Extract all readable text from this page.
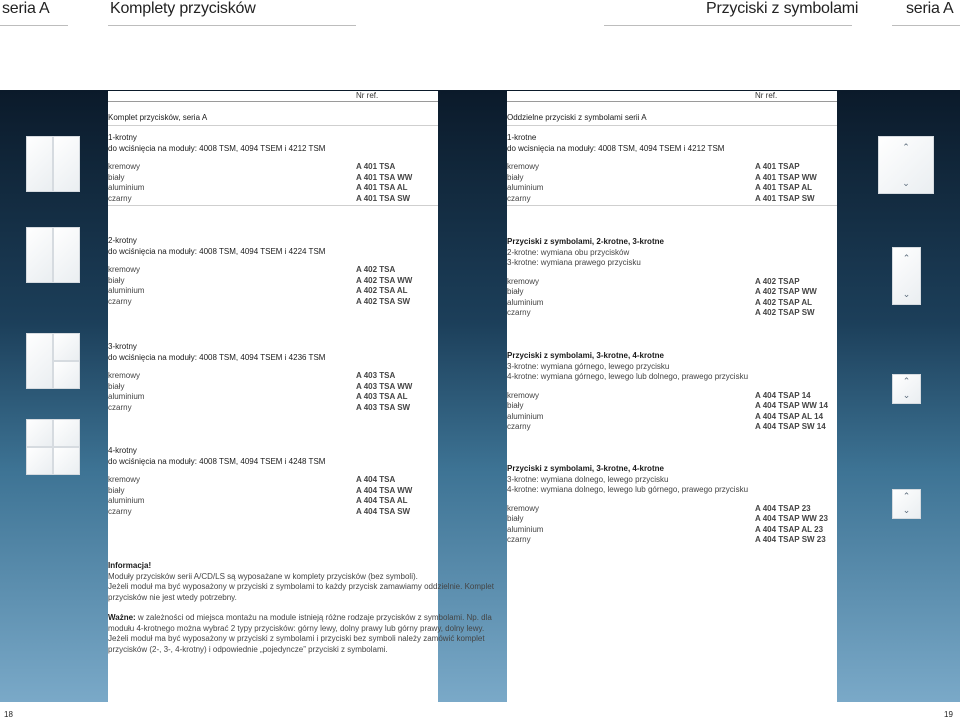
seria A	Komplety przycisków	Przyciski z symbolami	seria A
Nr ref.
Komplet przycisków, seria A
1-krotny
do wciśnięcia na moduły: 4008 TSM, 4094 TSEM i 4212 TSM
kremowy	A 401 TSA
biały	A 401 TSA WW
aluminium	A 401 TSA AL
czarny	A 401 TSA SW
2-krotny
do wciśnięcia na moduły: 4008 TSM, 4094 TSEM i 4224 TSM
kremowy	A 402 TSA
biały	A 402 TSA WW
aluminium	A 402 TSA AL
czarny	A 402 TSA SW
3-krotny
do wciśnięcia na moduły: 4008 TSM, 4094 TSEM i 4236 TSM
kremowy	A 403 TSA
biały	A 403 TSA WW
aluminium	A 403 TSA AL
czarny	A 403 TSA SW
4-krotny
do wciśnięcia na moduły: 4008 TSM, 4094 TSEM i 4248 TSM
kremowy	A 404 TSA
biały	A 404 TSA WW
aluminium	A 404 TSA AL
czarny	A 404 TSA SW
Informacja!
Moduły przycisków serii A/CD/LS są wyposażane w komplety przycisków (bez symboli).
Jeżeli moduł ma być wyposażony w przyciski z symbolami to każdy przycisk zamawiamy oddzielnie. Komplet
przycisków nie jest wtedy potrzebny.
Ważne: w zależności od miejsca montażu na module istnieją różne rodzaje przycisków z symbolami. Np. dla
modułu 4-krotnego można wybrać 2 typy przycisków: górny lewy, dolny prawy lub górny prawy, dolny lewy.
Jeżeli moduł ma być wyposażony w przyciski z symbolami i przyciski bez symboli należy zamówić komplet
przycisków (2-, 3-, 4-krotny) i odpowiednie „pojedyncze” przyciski z symbolami.
Nr ref.
Oddzielne przyciski z symbolami serii A
1-krotne
do wcisnięcia na moduły: 4008 TSM, 4094 TSEM i 4212 TSM
kremowy	A 401 TSAP
biały	A 401 TSAP WW
aluminium	A 401 TSAP AL
czarny	A 401 TSAP SW
Przyciski z symbolami, 2-krotne, 3-krotne
2-krotne: wymiana obu przycisków
3-krotne: wymiana prawego przycisku
kremowy	A 402 TSAP
biały	A 402 TSAP WW
aluminium	A 402 TSAP AL
czarny	A 402 TSAP SW
Przyciski z symbolami, 3-krotne, 4-krotne
3-krotne: wymiana górnego, lewego przycisku
4-krotne: wymiana górnego, lewego lub dolnego, prawego przycisku
kremowy	A 404 TSAP 14
biały	A 404 TSAP WW 14
aluminium	A 404 TSAP AL 14
czarny	A 404 TSAP SW 14
Przyciski z symbolami, 3-krotne, 4-krotne
3-krotne: wymiana dolnego, lewego przycisku
4-krotne: wymiana dolnego, lewego lub górnego, prawego przycisku
kremowy	A 404 TSAP 23
biały	A 404 TSAP WW 23
aluminium	A 404 TSAP AL 23
czarny	A 404 TSAP SW 23
⌃
⌄
⌃
⌄
⌃
⌄
⌃
⌄
18	19
